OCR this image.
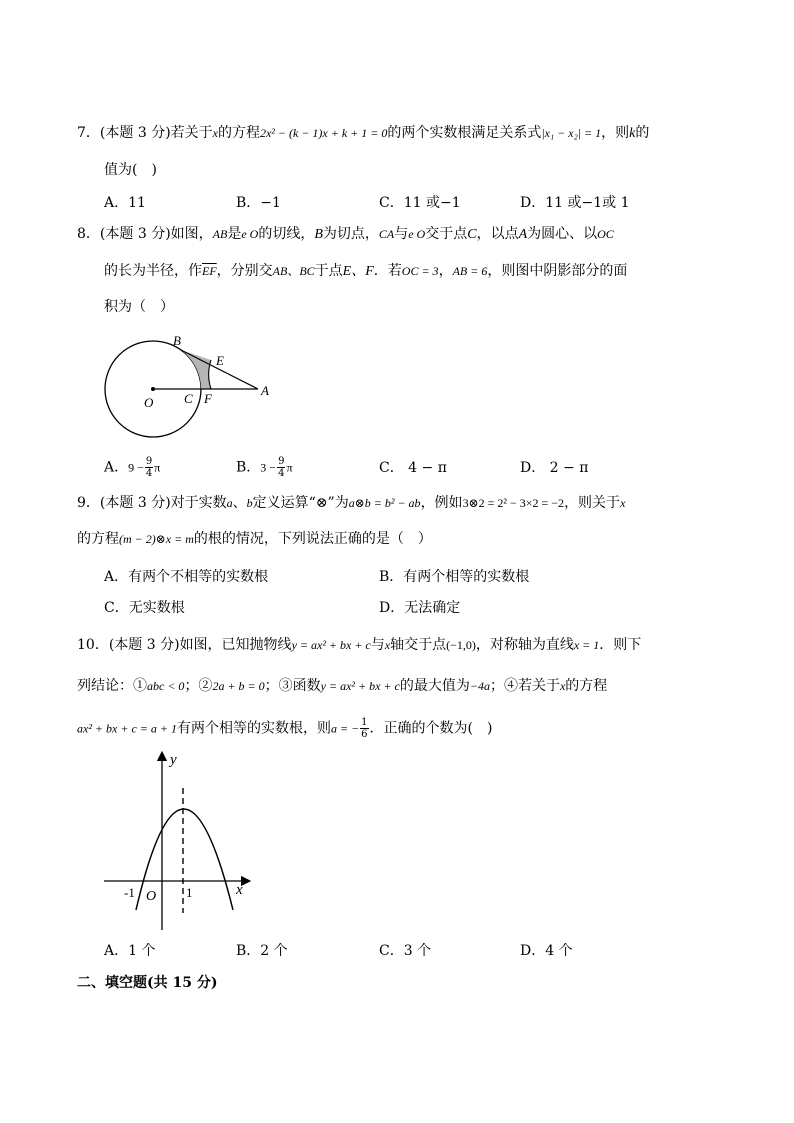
7．(本题 3 分)若关于x的方程2x² − (k − 1)x + k + 1 = 0的两个实数根满足关系式|x₁ − x₂| = 1，则k的
值为(　)
A．11	B．−1	C．11 或−1	D．11 或−1或 1
8．(本题 3 分)如图，AB是e O的切线，B为切点，CA与e O交于点C，以点A为圆心、以OC
的长为半径，作$\overline{EF}$，分别交AB、BC于点E、F．若OC = 3，AB = 6，则图中阴影部分的面
积为（　）
B
E
A
O C F
A．$9 - \frac{9}{4}$ π	B．$3 - \frac{9}{4}$ π	C． 4 − π	D． 2 − π
9．(本题 3 分)对于实数a、b定义运算“⊗”为a⊗b = b² − ab，例如3⊗2 = 2² − 3×2 = −2，则关于x
的方程(m − 2)⊗x = m的根的情况，下列说法正确的是（　）
A．有两个不相等的实数根	B．有两个相等的实数根
C．无实数根	D．无法确定
10．(本题 3 分)如图，已知抛物线y = ax² + bx + c与x轴交于点(−1,0)，对称轴为直线x = 1．则下
列结论：①abc < 0；②2a + b = 0；③函数y = ax² + bx + c的最大值为−4a；④若关于x的方程
ax² + bx + c = a + 1有两个相等的实数根，则a = − $\frac{1}{6}$ ．正确的个数为(　)
y
x
-1 O 1
A．1 个	B．2 个	C．3 个	D．4 个
二、填空题(共 15 分)
